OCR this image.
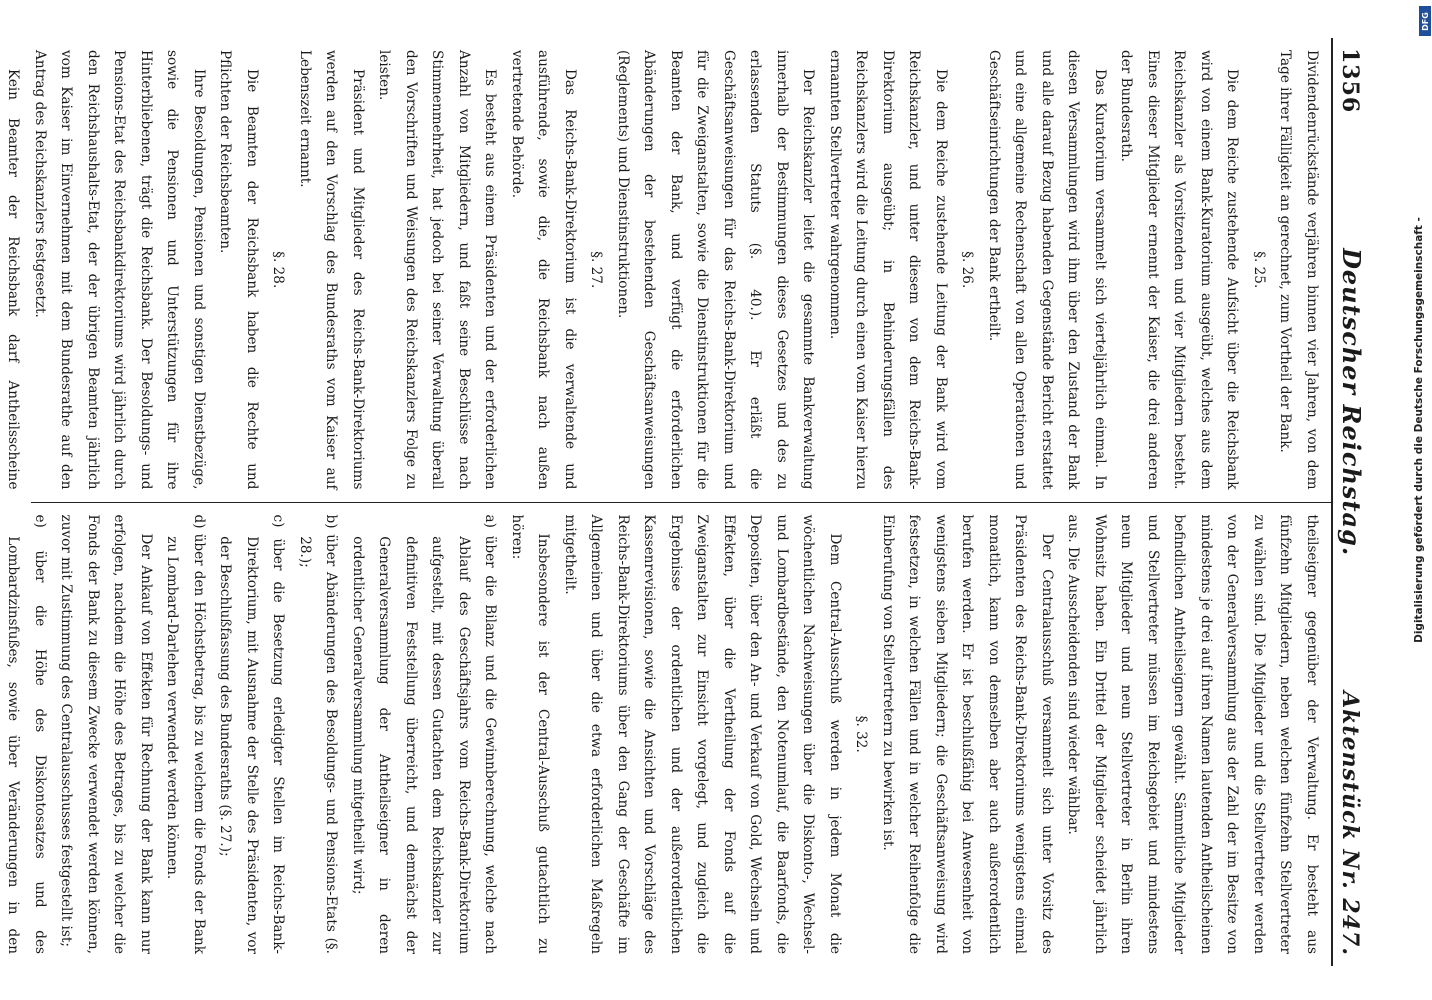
1356
Deutscher Reichstag.
Aktenstück Nr. 247.

Dividendenrückstände verjähren binnen vier Jahren, von dem Tage ihrer Fälligkeit an gerechnet, zum Vortheil der Bank.

§. 25.

Die dem Reiche zustehende Aufsicht über die Reichsbank wird von einem Bank-Kuratorium ausgeübt, welches aus dem Reichskanzler als Vorsitzenden und vier Mitgliedern besteht. Eines dieser Mitglieder ernennt der Kaiser, die drei anderen der Bundesrath.

Das Kuratorium versammelt sich vierteljährlich einmal. In diesen Versammlungen wird ihm über den Zustand der Bank und alle darauf Bezug habenden Gegenstände Bericht erstattet und eine allgemeine Rechenschaft von allen Operationen und Geschäftseinrichtungen der Bank ertheilt.

§. 26.

Die dem Reiche zustehende Leitung der Bank wird vom Reichskanzler, und unter diesem von dem Reichs-Bank-Direktorium ausgeübt; in Behinderungsfällen des Reichskanzlers wird die Leitung durch einen vom Kaiser hierzu ernannten Stellvertreter wahrgenommen.

Der Reichskanzler leitet die gesammte Bankverwaltung innerhalb der Bestimmungen dieses Gesetzes und des zu erlassenden Statuts (§. 40.). Er erläßt die Geschäftsanweisungen für das Reichs-Bank-Direktorium und für die Zweiganstalten, sowie die Dienstinstruktionen für die Beamten der Bank, und verfügt die erforderlichen Abänderungen der bestehenden Geschäftsanweisungen (Reglements) und Dienstinstruktionen.

§. 27.

Das Reichs-Bank-Direktorium ist die verwaltende und ausführende, sowie die, die Reichsbank nach außen vertretende Behörde.

Es besteht aus einem Präsidenten und der erforderlichen Anzahl von Mitgliedern, und faßt seine Beschlüsse nach Stimmenmehrheit, hat jedoch bei seiner Verwaltung überall den Vorschriften und Weisungen des Reichskanzlers Folge zu leisten.

Präsident und Mitglieder des Reichs-Bank-Direktoriums werden auf den Vorschlag des Bundesraths vom Kaiser auf Lebenszeit ernannt.

§. 28.

Die Beamten der Reichsbank haben die Rechte und Pflichten der Reichsbeamten.

Ihre Besoldungen, Pensionen und sonstigen Dienstbezüge, sowie die Pensionen und Unterstützungen für ihre Hinterbliebenen, trägt die Reichsbank. Der Besoldungs- und Pensions-Etat des Reichsbankdirektoriums wird jährlich durch den Reichshaushalts-Etat, der der übrigen Beamten jährlich vom Kaiser im Einvernehmen mit dem Bundesrathe auf den Antrag des Reichskanzlers festgesetzt.

Kein Beamter der Reichsbank darf Antheilsscheine

theilseigner gegenüber der Verwaltung. Er besteht aus fünfzehn Mitgliedern, neben welchen fünfzehn Stellvertreter zu wählen sind. Die Mitglieder und die Stellvertreter werden von der Generalversammlung aus der Zahl der im Besitze von mindestens je drei auf ihren Namen lautenden Antheilscheinen befindlichen Antheilseignern gewählt. Sämmtliche Mitglieder und Stellvertreter müssen im Reichsgebiet und mindestens neun Mitglieder und neun Stellvertreter in Berlin ihren Wohnsitz haben. Ein Drittel der Mitglieder scheidet jährlich aus. Die Ausscheidenden sind wieder wählbar.

Der Centralausschuß versammelt sich unter Vorsitz des Präsidenten des Reichs-Bank-Direktoriums wenigstens einmal monatlich, kann von demselben aber auch außerordentlich berufen werden. Er ist beschlußfähig bei Anwesenheit von wenigstens sieben Mitgliedern; die Geschäftsanweisung wird festsetzen, in welchen Fällen und in welcher Reihenfolge die Einberufung von Stellvertretern zu bewirken ist.

§. 32.

Dem Central-Ausschuß werden in jedem Monat die wöchentlichen Nachweisungen über die Diskonto-, Wechsel- und Lombardbestände, den Notenumlauf, die Baarfonds, die Depositen, über den An- und Verkauf von Gold, Wechseln und Effekten, über die Vertheilung der Fonds auf die Zweiganstalten zur Einsicht vorgelegt, und zugleich die Ergebnisse der ordentlichen und der außerordentlichen Kassenrevisionen, sowie die Ansichten und Vorschläge des Reichs-Bank-Direktoriums über den Gang der Geschäfte im Allgemeinen und über die etwa erforderlichen Maßregeln mitgetheilt.

Insbesondere ist der Central-Ausschuß gutachtlich zu hören:

a) über die Bilanz und die Gewinnberechnung, welche nach Ablauf des Geschäftsjahrs vom Reichs-Bank-Direktorium aufgestellt, mit dessen Gutachten dem Reichskanzler zur definitiven Feststellung überreicht, und demnächst der Generalversammlung der Antheilseigner in deren ordentlicher Generalversammlung mitgetheilt wird;

b) über Abänderungen des Besoldungs- und Pensions-Etats (§. 28.);

c) über die Besetzung erledigter Stellen im Reichs-Bank-Direktorium, mit Ausnahme der Stelle des Präsidenten, vor der Beschlußfassung des Bundesraths (§. 27.);

d) über den Höchstbetrag, bis zu welchem die Fonds der Bank zu Lombard-Darlehen verwendet werden können.

Der Ankauf von Effekten für Rechnung der Bank kann nur erfolgen, nachdem die Höhe des Betrages, bis zu welcher die Fonds der Bank zu diesem Zwecke verwendet werden können, zuvor mit Zustimmung des Centralausschusses festgestellt ist;

e) über die Höhe des Diskontosatzes und des Lombardzinsfußes, sowie über Veränderungen in den

DFG
Digitalisierung gefördert durch die Deutsche Forschungsgemeinschaft -
